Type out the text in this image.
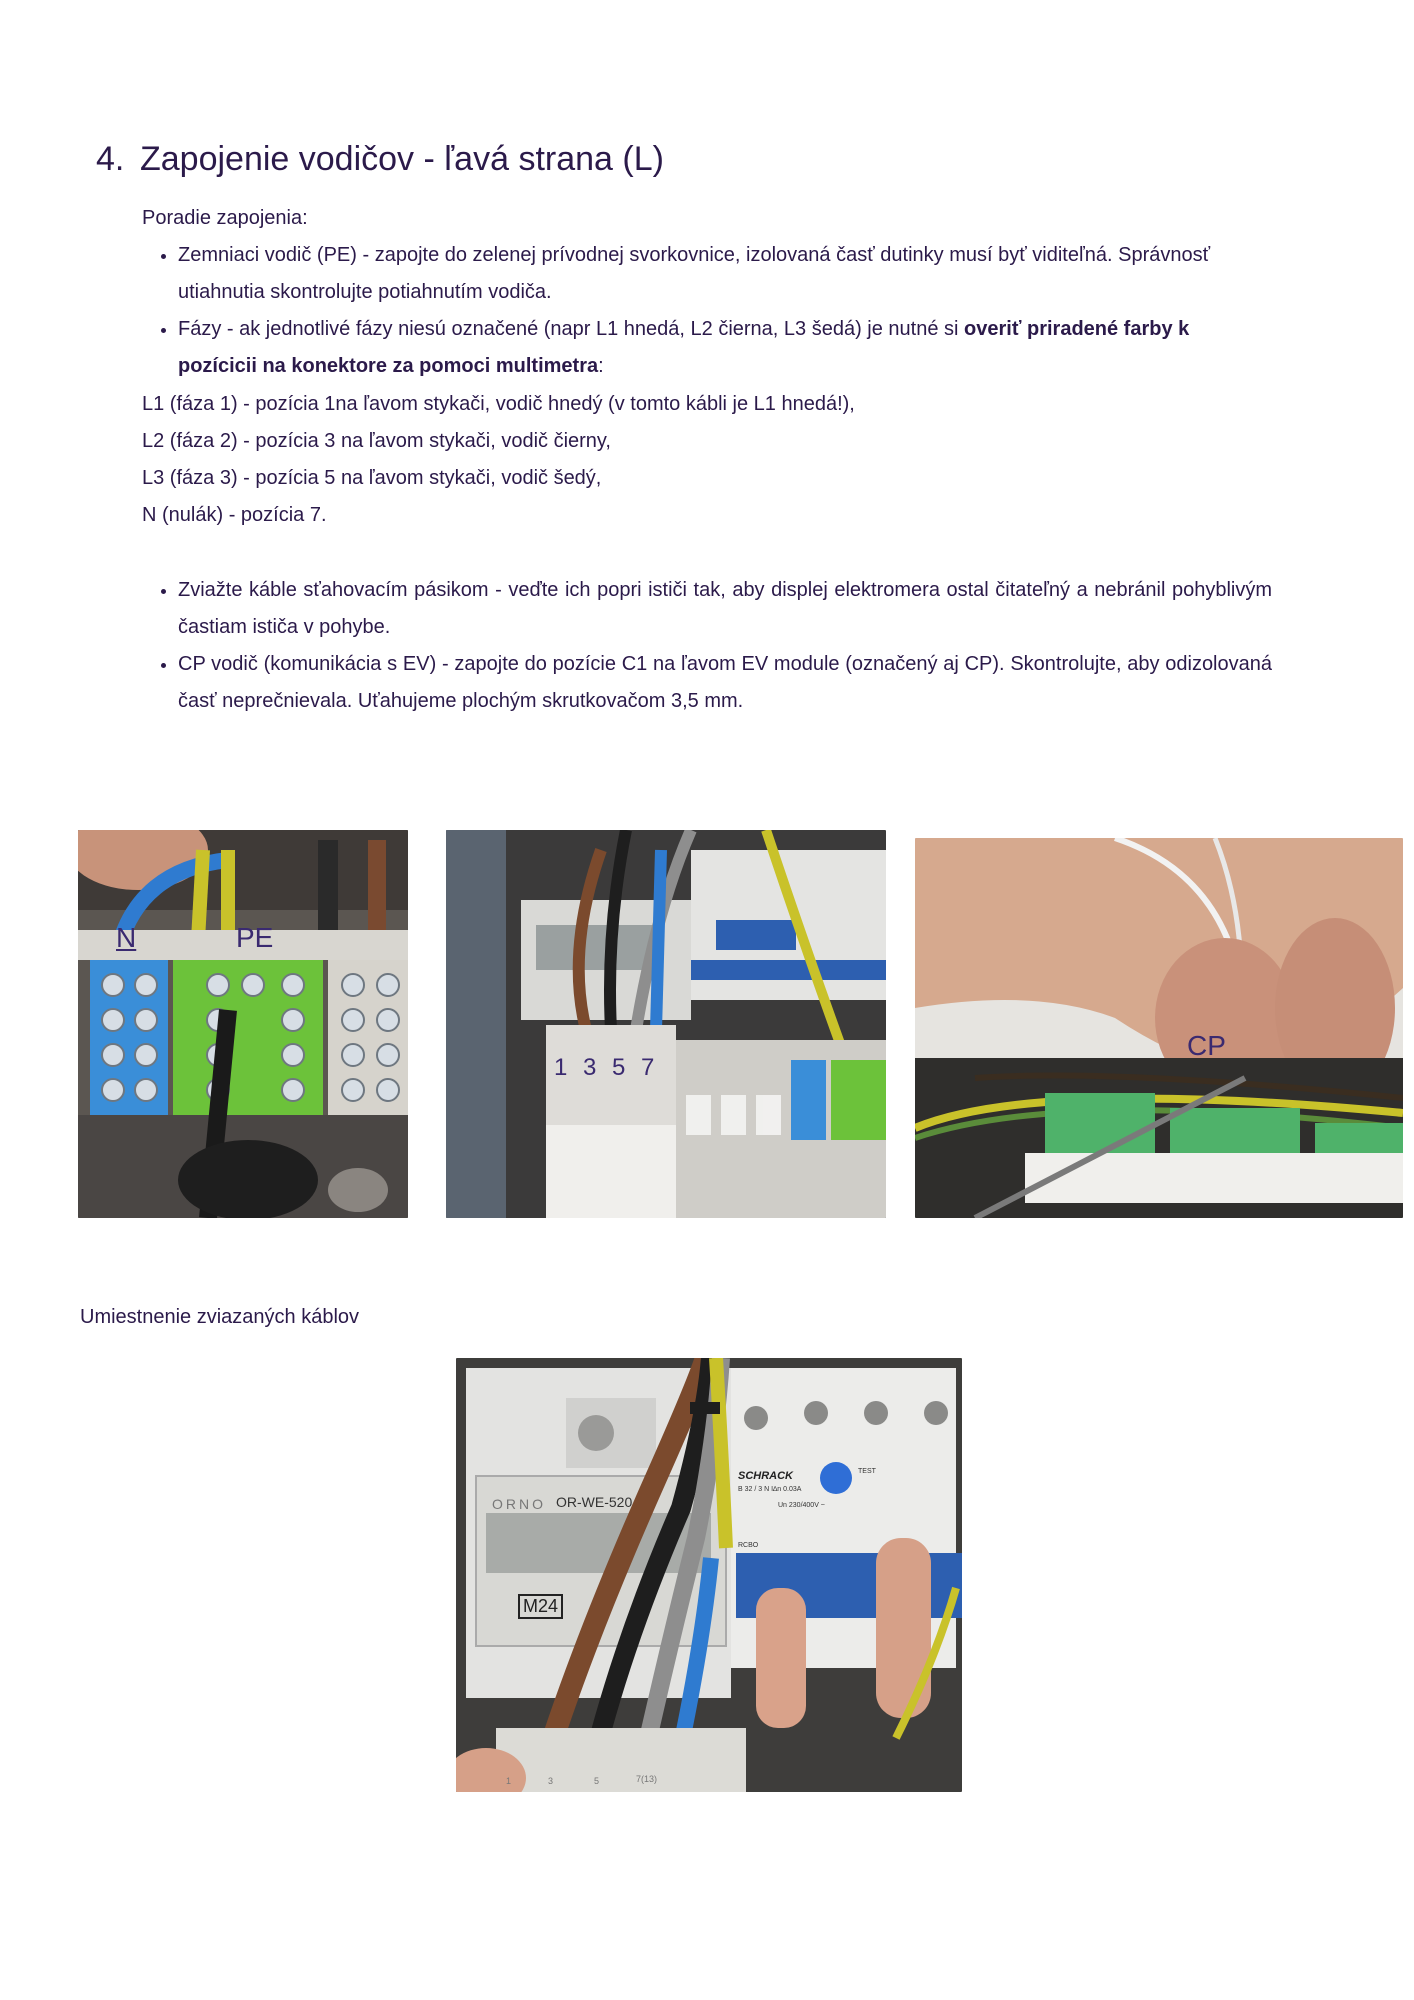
4. Zapojenie vodičov - ľavá strana (L)
Poradie zapojenia:
• Zemniaci vodič (PE) - zapojte do zelenej prívodnej svorkovnice, izolovaná časť dutinky musí byť viditeľná. Správnosť utiahnutia skontrolujte potiahnutím vodiča.
• Fázy - ak jednotlivé fázy niesú označené (napr L1 hnedá, L2 čierna, L3 šedá) je nutné si overiť priradené farby k pozícicii na konektore za pomoci multimetra:

L1 (fáza 1) - pozícia 1na ľavom stykači, vodič hnedý (v tomto kábli je L1 hnedá!),

L2 (fáza 2) - pozícia 3 na ľavom stykači, vodič čierny,

L3 (fáza 3) - pozícia 5 na ľavom stykači, vodič šedý,

N (nulák) - pozícia 7.

• Zviažte káble sťahovacím pásikom - veďte ich popri ističi tak, aby displej elektromera ostal čitateľný a nebránil pohyblivým častiam ističa v pohybe.
• CP vodič (komunikácia s EV) - zapojte do pozície C1 na ľavom EV module (označený aj CP). Skontrolujte, aby odizolovaná časť neprečnievala. Uťahujeme plochým skrutkovačom 3,5 mm.
N	PE
1 3 5 7
CP
Umiestnenie zviazaných káblov
ORNO OR-WE-520
M24
SCHRACK	TEST
B 32 / 3 N I∆n 0.03A
Un 230/400V ~
RCBO
1	3	5	7(13)
